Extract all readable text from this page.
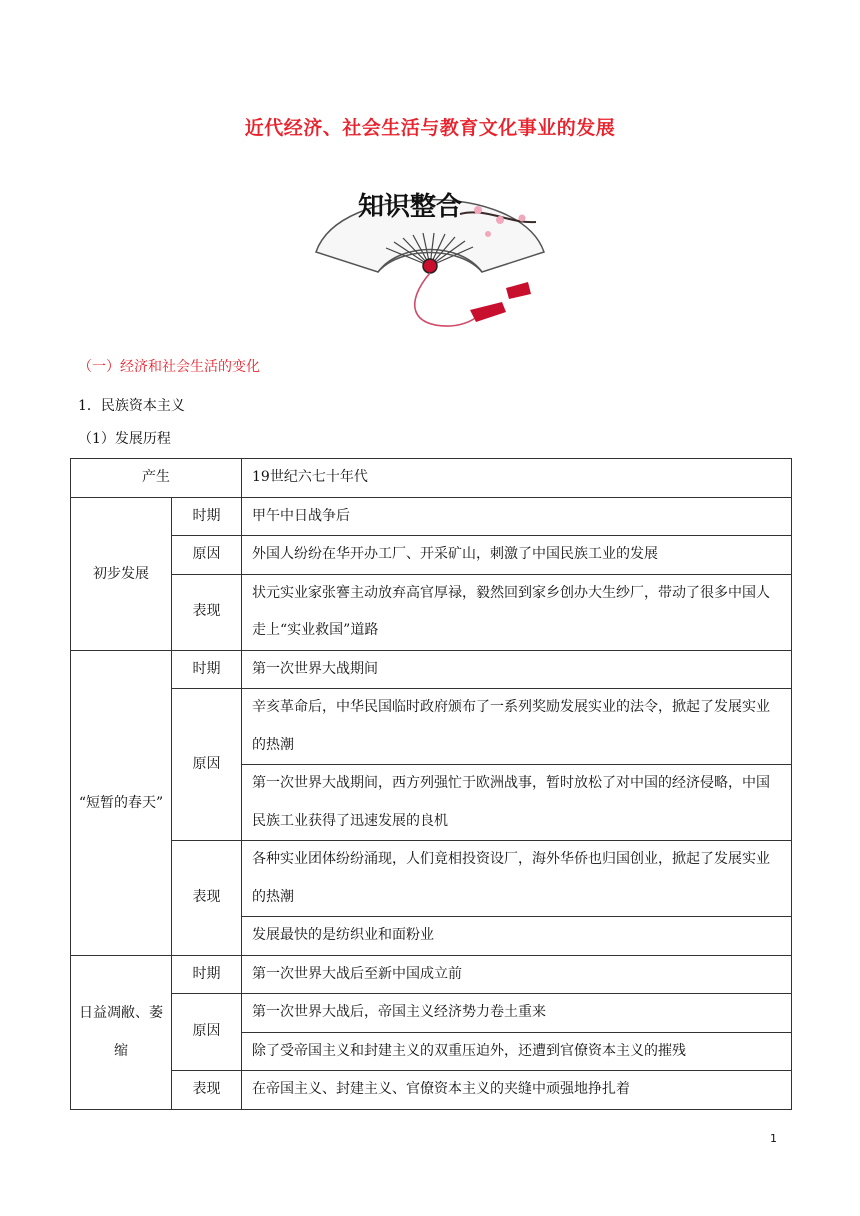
近代经济、社会生活与教育文化事业的发展
知识整合
（一）经济和社会生活的变化
1．民族资本主义
（1）发展历程
产生		19世纪六七十年代
初步发展	时期	甲午中日战争后
	原因	外国人纷纷在华开办工厂、开采矿山，刺激了中国民族工业的发展
	表现	状元实业家张謇主动放弃高官厚禄，毅然回到家乡创办大生纱厂，带动了很多中国人走上“实业救国”道路

“短暂的春天”	时期	第一次世界大战期间
	原因	辛亥革命后，中华民国临时政府颁布了一系列奖励发展实业的法令，掀起了发展实业的热潮

		第一次世界大战期间，西方列强忙于欧洲战事，暂时放松了对中国的经济侵略，中国民族工业获得了迅速发展的良机

	表现	各种实业团体纷纷涌现，人们竟相投资设厂，海外华侨也归国创业，掀起了发展实业的热潮

		发展最快的是纺织业和面粉业
日益凋敝、萎缩	时期	第一次世界大战后至新中国成立前
	原因	第一次世界大战后，帝国主义经济势力卷土重来
		除了受帝国主义和封建主义的双重压迫外，还遭到官僚资本主义的摧残
	表现	在帝国主义、封建主义、官僚资本主义的夹缝中顽强地挣扎着
1
